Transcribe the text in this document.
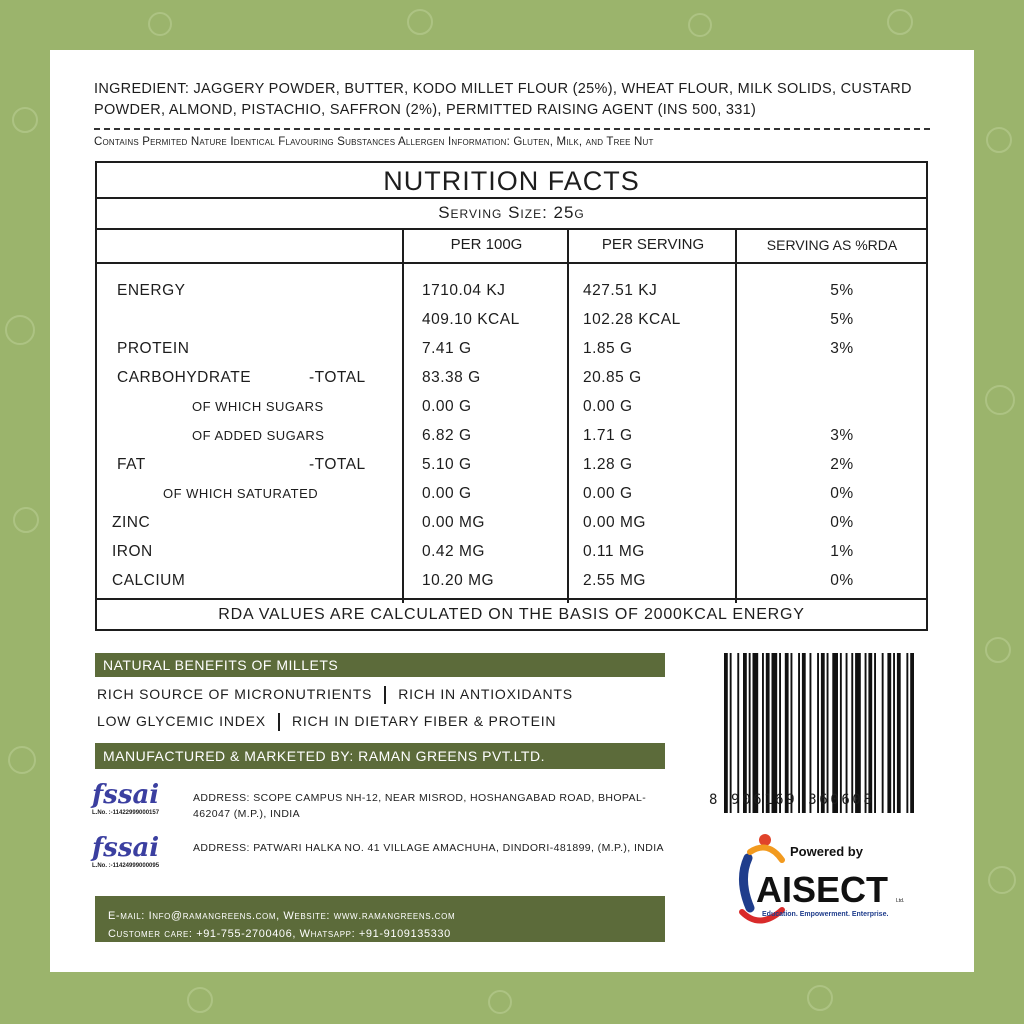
INGREDIENT: JAGGERY POWDER, BUTTER, KODO MILLET FLOUR (25%), WHEAT FLOUR, MILK SOLIDS, CUSTARD POWDER, ALMOND, PISTACHIO, SAFFRON (2%), PERMITTED RAISING AGENT (INS 500, 331)
Contains Permited Nature Identical Flavouring Substances Allergen Information: Gluten, Milk, and Tree Nut
NUTRITION FACTS
Serving Size: 25g
PER 100G	PER SERVING	SERVING AS %RDA
ENERGY	1710.04 KJ	427.51 KJ	5%
409.10 KCAL	102.28 KCAL	5%
PROTEIN	7.41 G	1.85 G	3%
CARBOHYDRATE	-TOTAL	83.38 G	20.85 G
OF WHICH SUGARS	0.00 G	0.00 G
OF ADDED SUGARS	6.82 G	1.71 G	3%
FAT	-TOTAL	5.10 G	1.28 G	2%
OF WHICH SATURATED	0.00 G	0.00 G	0%
ZINC	0.00 MG	0.00 MG	0%
IRON	0.42 MG	0.11 MG	1%
CALCIUM	10.20 MG	2.55 MG	0%
RDA VALUES ARE CALCULATED ON THE BASIS OF 2000KCAL ENERGY
NATURAL BENEFITS OF MILLETS
RICH SOURCE OF MICRONUTRIENTS RICH IN ANTIOXIDANTS
LOW GLYCEMIC INDEX RICH IN DIETARY FIBER & PROTEIN
MANUFACTURED & MARKETED BY: RAMAN GREENS PVT.LTD.
fssai
L.No. :-11422999000157
ADDRESS: SCOPE CAMPUS NH-12, NEAR MISROD, HOSHANGABAD ROAD, BHOPAL-462047 (M.P.), INDIA
fssai
L.No. :-11424999000095
ADDRESS: PATWARI HALKA NO. 41 VILLAGE AMACHUHA, DINDORI-481899, (M.P.), INDIA
E-mail: Info@ramangreens.com, Website: www.ramangreens.com
Customer care: +91-755-2700406, Whatsapp: +91-9109135330
8 906169 360608
Powered by
AISECT Ltd.
Education. Empowerment. Enterprise.
